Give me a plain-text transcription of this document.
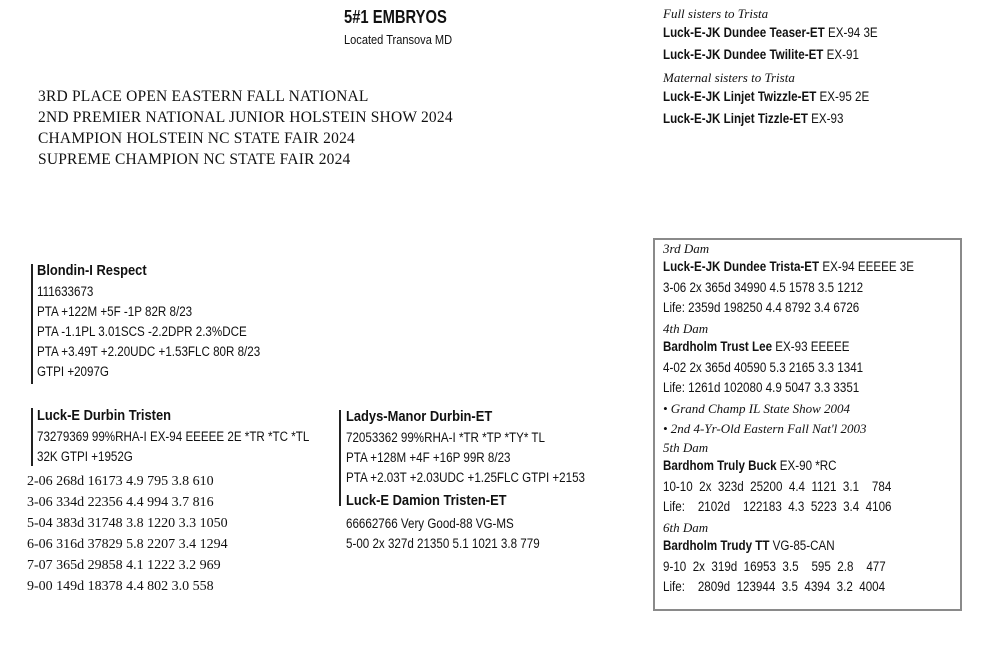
5#1 EMBRYOS
Located Transova MD
3RD PLACE OPEN EASTERN FALL NATIONAL
2ND PREMIER NATIONAL JUNIOR HOLSTEIN SHOW 2024
CHAMPION HOLSTEIN NC STATE FAIR 2024
SUPREME CHAMPION NC STATE FAIR 2024
Full sisters to Trista
Luck-E-JK Dundee Teaser-ET EX-94 3E
Luck-E-JK Dundee Twilite-ET EX-91
Maternal sisters to Trista
Luck-E-JK Linjet Twizzle-ET EX-95 2E
Luck-E-JK Linjet Tizzle-ET EX-93
Blondin-I Respect
111633673
PTA +122M +5F -1P 82R 8/23
PTA -1.1PL 3.01SCS -2.2DPR 2.3%DCE
PTA +3.49T +2.20UDC +1.53FLC 80R 8/23
GTPI +2097G
Luck-E Durbin Tristen
73279369 99%RHA-I EX-94 EEEEE 2E *TR *TC *TL
32K GTPI +1952G
2-06 268d 16173 4.9 795 3.8 610
3-06 334d 22356 4.4 994 3.7 816
5-04 383d 31748 3.8 1220 3.3 1050
6-06 316d 37829 5.8 2207 3.4 1294
7-07 365d 29858 4.1 1222 3.2 969
9-00 149d 18378 4.4 802 3.0 558
Ladys-Manor Durbin-ET
72053362 99%RHA-I *TR *TP *TY* TL
PTA +128M +4F +16P 99R 8/23
PTA +2.03T +2.03UDC +1.25FLC GTPI +2153
Luck-E Damion Tristen-ET
66662766 Very Good-88 VG-MS
5-00 2x 327d 21350 5.1 1021 3.8 779
3rd Dam
Luck-E-JK Dundee Trista-ET EX-94 EEEEE 3E
3-06 2x 365d 34990 4.5 1578 3.5 1212
Life: 2359d 198250 4.4 8792 3.4 6726
4th Dam
Bardholm Trust Lee EX-93 EEEEE
4-02 2x 365d 40590 5.3 2165 3.3 1341
Life: 1261d 102080 4.9 5047 3.3 3351
• Grand Champ IL State Show 2004
• 2nd 4-Yr-Old Eastern Fall Nat'l 2003
5th Dam
Bardhom Truly Buck EX-90 *RC
10-10  2x  323d  25200  4.4  1121  3.1    784
Life:    2102d    122183  4.3  5223  3.4  4106
6th Dam
Bardholm Trudy TT VG-85-CAN
9-10  2x  319d  16953  3.5    595  2.8    477
Life:    2809d  123944  3.5  4394  3.2  4004
